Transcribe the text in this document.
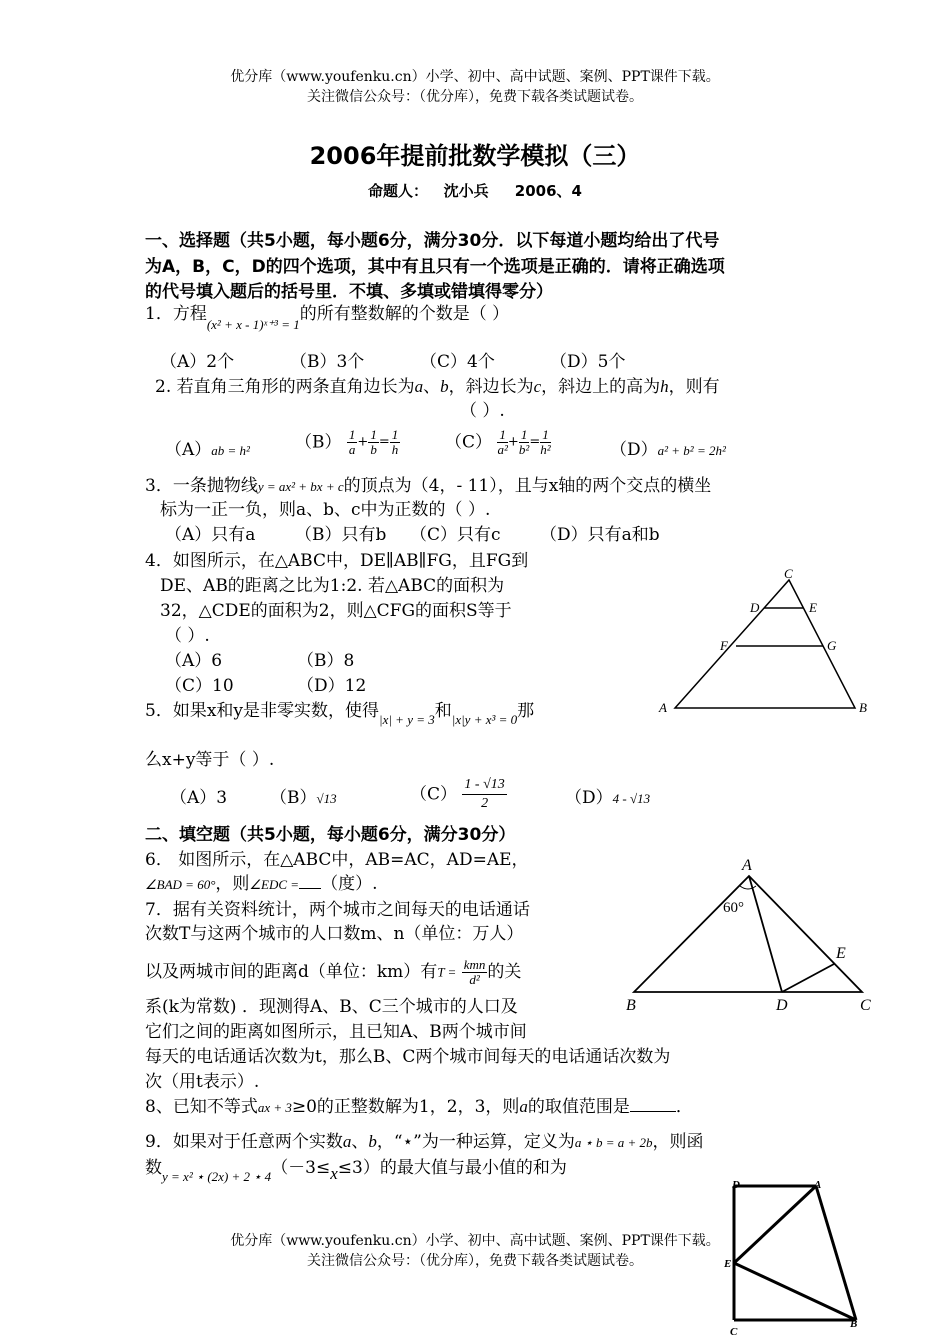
优分库（www.youfenku.cn）小学、初中、高中试题、案例、PPT课件下载。
关注微信公众号：（优分库），免费下载各类试题试卷。
2006年提前批数学模拟（三）
命题人：   沈小兵     2006、4
一、选择题（共5小题，每小题6分，满分30分．以下每道小题均给出了代号
为A，B，C，D的四个选项，其中有且只有一个选项是正确的．请将正确选项
的代号填入题后的括号里．不填、多填或错填得零分）
1．方程$_{(x^2 + x - 1)ˣ^{+3} = 1}$的所有整数解的个数是（ ）
（A）2个	（B）3个	（C）4个	（D）5个
2. 若直角三角形的两条直角边长为a、b，斜边长为c，斜边上的高为h，则有
（ ）.
（A）ab = h²	$(B) \frac{1}{a} + \frac{1}{b} = \frac{1}{h}$	$(C) \frac{1}{\text{a²}} + \frac{1}{\text{b²}} = \frac{1}{\text{h²}}$	（D）a² + b² = 2h²
3．一条抛物线y = ax² + bx + c的顶点为（4，- 11），且与x轴的两个交点的横坐
标为一正一负，则a、b、c中为正数的（ ）.
（A）只有a （B）只有b （C）只有c （D）只有a和b
4．如图所示，在△ABC中，DE∥AB∥FG，且FG到
DE、AB的距离之比为1:2. 若△ABC的面积为
32，△CDE的面积为2，则△CFG的面积S等于
（ ）.
（A）6	（B）8
（C）10	（D）12
C
D	E
F	G
A	B
5．如果x和y是非零实数，使得$_{|x| + y = 3}$和$_{|x|y + x^3 = 0}$那
么x+y等于（ ）.
（A）3	（B）√13	$(C) \frac{1 - √13}{2}$	（D）4 - √13
二、填空题（共5小题，每小题6分，满分30分）
6． 如图所示，在△ABC中，AB=AC，AD=AE，
∠BAD = 60°，则∠EDC = （度）.
A
60°
E
B	D	C
7．据有关资料统计，两个城市之间每天的电话通话
次数T与这两个城市的人口数m、n（单位：万人）
以及两城市间的距离d（单位：km）有$T = \frac{\text{kmn}}{\text{d²}}$ 的关
系(k为常数) ．现测得A、B、C三个城市的人口及
它们之间的距离如图所示，且已知A、B两个城市间
每天的电话通话次数为t，那么B、C两个城市间每天的电话通话次数为
次（用t表示）.
8、已知不等式ax + 3≥0的正整数解为1，2，3，则a的取值范围是	．
9．如果对于任意两个实数a、b，“⋆”为一种运算，定义为a ⋆ b = a + 2b，则函
数$_{y = x^2 ⋆ (2x) + 2 ⋆ 4}$（－3≤x≤3）的最大值与最小值的和为
D	A
E
C
B
优分库（www.youfenku.cn）小学、初中、高中试题、案例、PPT课件下载。
关注微信公众号：（优分库），免费下载各类试题试卷。
